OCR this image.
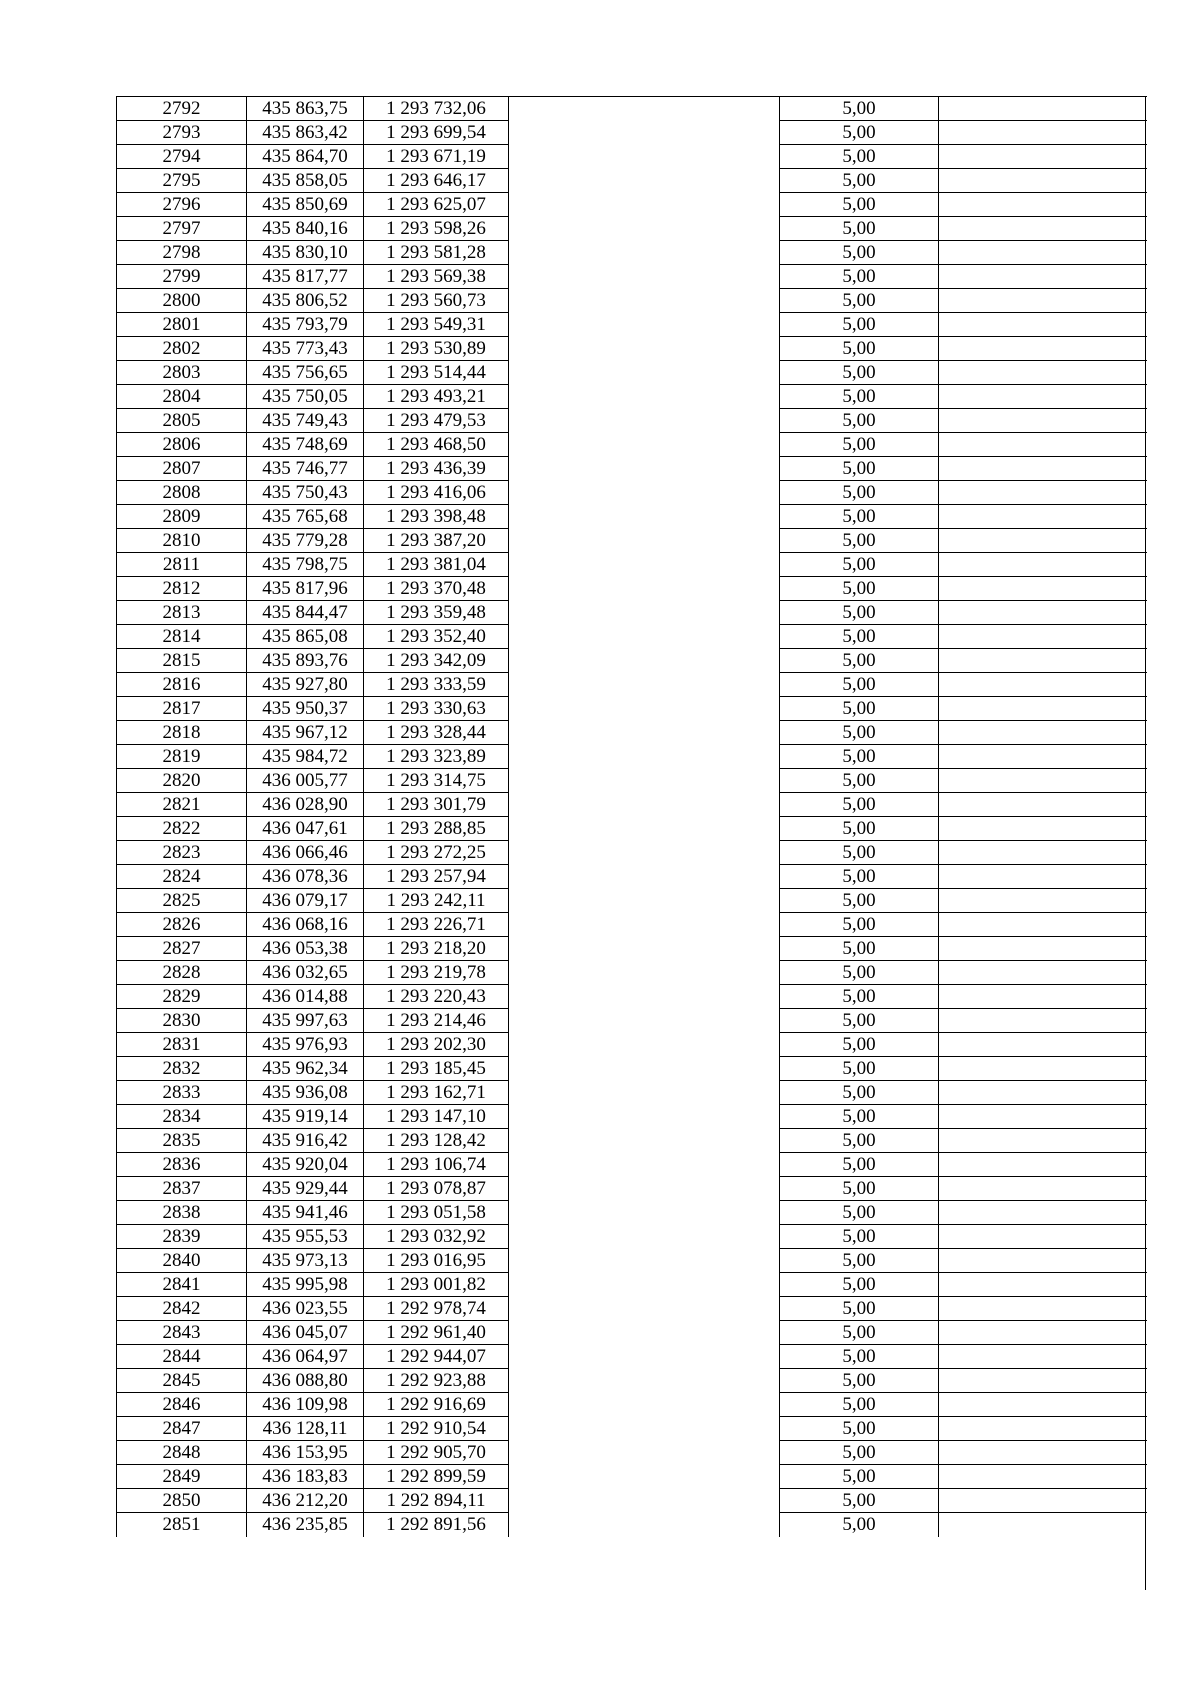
2792	435 863,75	1 293 732,06		5,00	
2793	435 863,42	1 293 699,54		5,00	
2794	435 864,70	1 293 671,19		5,00	
2795	435 858,05	1 293 646,17		5,00	
2796	435 850,69	1 293 625,07		5,00	
2797	435 840,16	1 293 598,26		5,00	
2798	435 830,10	1 293 581,28		5,00	
2799	435 817,77	1 293 569,38		5,00	
2800	435 806,52	1 293 560,73		5,00	
2801	435 793,79	1 293 549,31		5,00	
2802	435 773,43	1 293 530,89		5,00	
2803	435 756,65	1 293 514,44		5,00	
2804	435 750,05	1 293 493,21		5,00	
2805	435 749,43	1 293 479,53		5,00	
2806	435 748,69	1 293 468,50		5,00	
2807	435 746,77	1 293 436,39		5,00	
2808	435 750,43	1 293 416,06		5,00	
2809	435 765,68	1 293 398,48		5,00	
2810	435 779,28	1 293 387,20		5,00	
2811	435 798,75	1 293 381,04		5,00	
2812	435 817,96	1 293 370,48		5,00	
2813	435 844,47	1 293 359,48		5,00	
2814	435 865,08	1 293 352,40		5,00	
2815	435 893,76	1 293 342,09		5,00	
2816	435 927,80	1 293 333,59		5,00	
2817	435 950,37	1 293 330,63		5,00	
2818	435 967,12	1 293 328,44		5,00	
2819	435 984,72	1 293 323,89		5,00	
2820	436 005,77	1 293 314,75		5,00	
2821	436 028,90	1 293 301,79		5,00	
2822	436 047,61	1 293 288,85		5,00	
2823	436 066,46	1 293 272,25		5,00	
2824	436 078,36	1 293 257,94		5,00	
2825	436 079,17	1 293 242,11		5,00	
2826	436 068,16	1 293 226,71		5,00	
2827	436 053,38	1 293 218,20		5,00	
2828	436 032,65	1 293 219,78		5,00	
2829	436 014,88	1 293 220,43		5,00	
2830	435 997,63	1 293 214,46		5,00	
2831	435 976,93	1 293 202,30		5,00	
2832	435 962,34	1 293 185,45		5,00	
2833	435 936,08	1 293 162,71		5,00	
2834	435 919,14	1 293 147,10		5,00	
2835	435 916,42	1 293 128,42		5,00	
2836	435 920,04	1 293 106,74		5,00	
2837	435 929,44	1 293 078,87		5,00	
2838	435 941,46	1 293 051,58		5,00	
2839	435 955,53	1 293 032,92		5,00	
2840	435 973,13	1 293 016,95		5,00	
2841	435 995,98	1 293 001,82		5,00	
2842	436 023,55	1 292 978,74		5,00	
2843	436 045,07	1 292 961,40		5,00	
2844	436 064,97	1 292 944,07		5,00	
2845	436 088,80	1 292 923,88		5,00	
2846	436 109,98	1 292 916,69		5,00	
2847	436 128,11	1 292 910,54		5,00	
2848	436 153,95	1 292 905,70		5,00	
2849	436 183,83	1 292 899,59		5,00	
2850	436 212,20	1 292 894,11		5,00	
2851	436 235,85	1 292 891,56		5,00	
